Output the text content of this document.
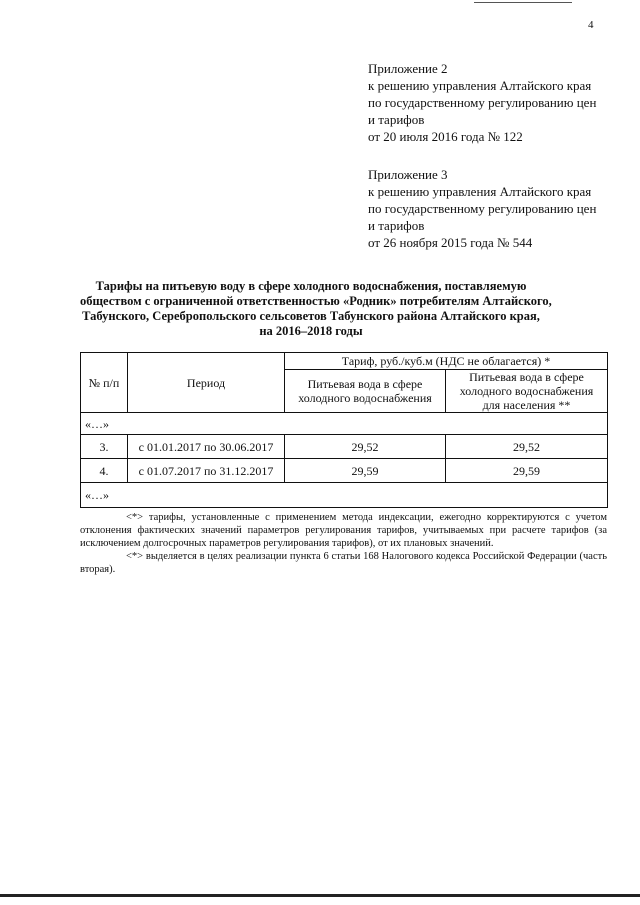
4
Приложение 2
к решению управления Алтайского края
по государственному регулированию цен
и тарифов
от 20 июля 2016 года № 122
Приложение 3
к решению управления Алтайского края
по государственному регулированию цен
и тарифов
от 26 ноября 2015 года № 544
Тарифы на питьевую воду в сфере холодного водоснабжения, поставляемую
обществом с ограниченной ответственностью «Родник» потребителям Алтайского,
Табунского, Серебропольского сельсоветов Табунского района Алтайского края,
на 2016–2018 годы
№ п/п	Период	Тариф, руб./куб.м (НДС не облагается) *	
		Питьевая вода в сфере холодного водоснабжения	Питьевая вода в сфере холодного водоснабжения для населения **
«…»			
3.	с 01.01.2017 по 30.06.2017	29,52	29,52
4.	с 01.07.2017 по 31.12.2017	29,59	29,59
«…»			

<*> тарифы, установленные с применением метода индексации, ежегодно корректируются с учетом отклонения фактических значений параметров регулирования тарифов, учитываемых при расчете тарифов (за исключением долгосрочных параметров регулирования тарифов), от их плановых значений.

<*> выделяется в целях реализации пункта 6 статьи 168 Налогового кодекса Российской Федерации (часть вторая).
